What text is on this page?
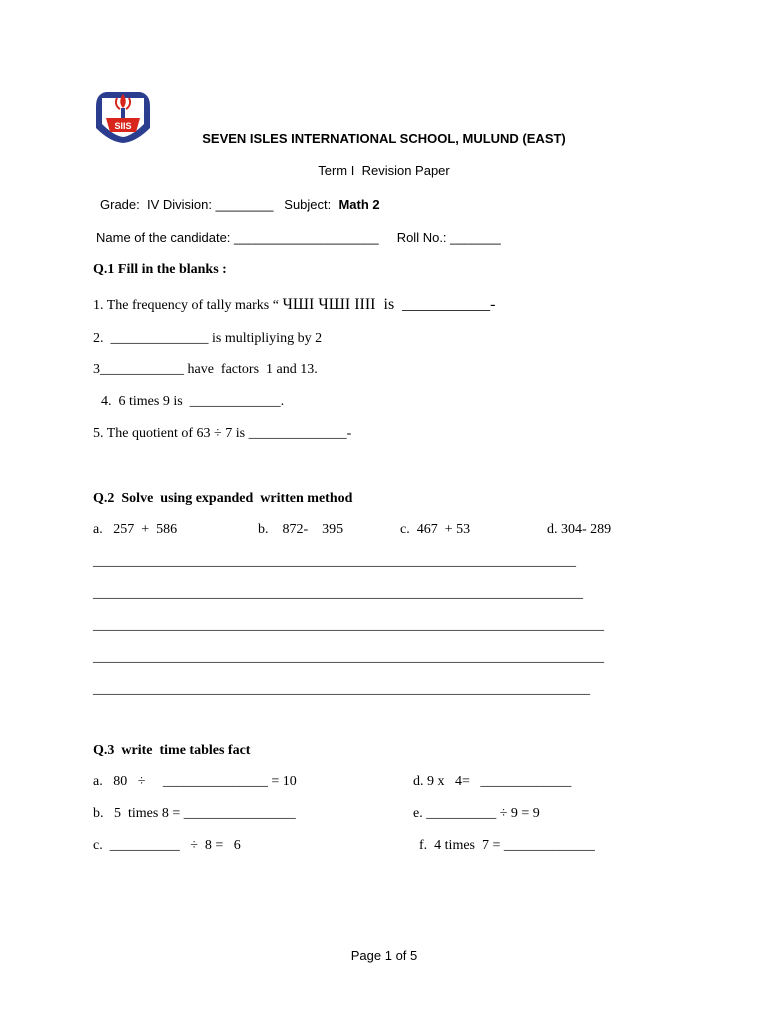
SIIS
SEVEN ISLES INTERNATIONAL SCHOOL, MULUND (EAST)
Term I  Revision Paper
Grade:  IV Division: ________   Subject:  Math 2
Name of the candidate: ____________________     Roll No.: _______
Q.1 Fill in the blanks :
1. The frequency of tally marks “ ЧШІ ЧШІ IIII  is  ___________-
2.  ______________ is multipliying by 2
3____________ have  factors  1 and 13.
4.  6 times 9 is  _____________.
5. The quotient of 63 ÷ 7 is ______________-
Q.2  Solve  using expanded  written method
a.   257  +  586	b.    872-    395	c.  467  + 53	d. 304- 289
_____________________________________________________________________
______________________________________________________________________
_________________________________________________________________________
_________________________________________________________________________
_______________________________________________________________________
Q.3  write  time tables fact
a.   80   ÷     _______________ = 10
b.   5  times 8 = ________________
c.  __________   ÷  8 =   6
d. 9 x   4=   _____________
e. __________ ÷ 9 = 9
f.  4 times  7 = _____________
Page 1 of 5
